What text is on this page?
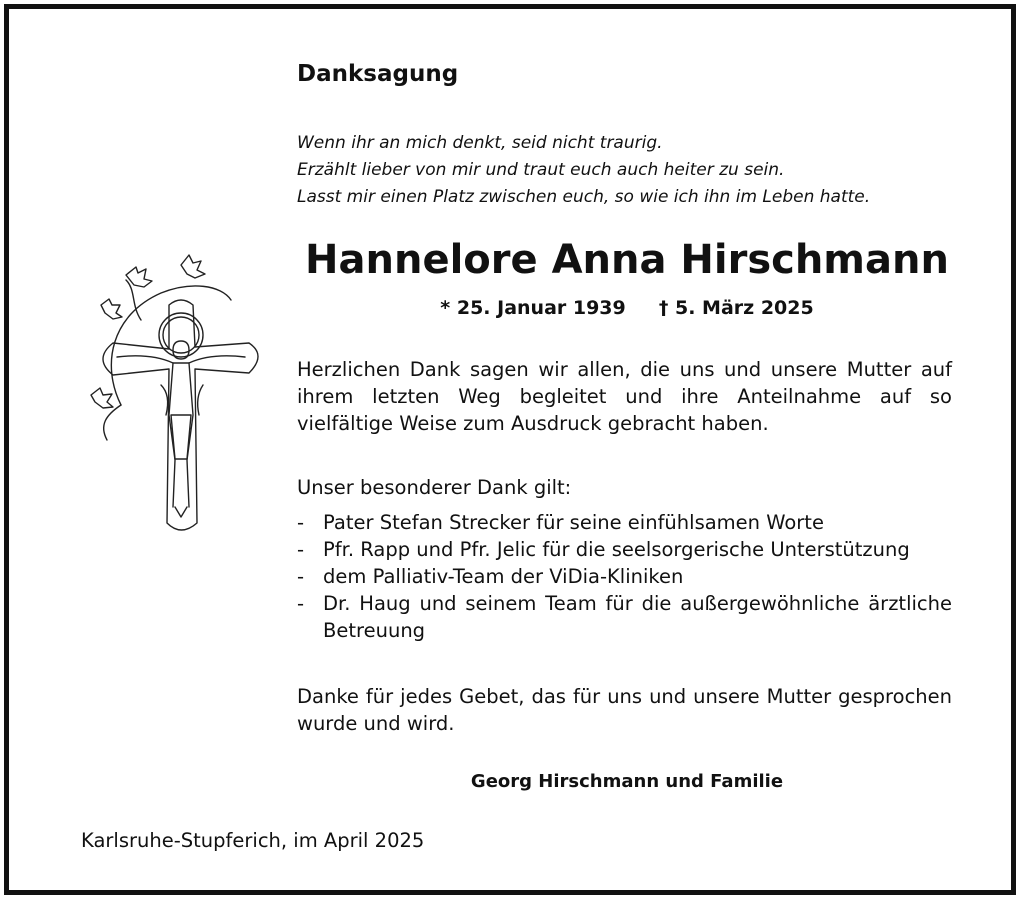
Danksagung
Wenn ihr an mich denkt, seid nicht traurig.
Erzählt lieber von mir und traut euch auch heiter zu sein.
Lasst mir einen Platz zwischen euch, so wie ich ihn im Leben hatte.
Hannelore Anna Hirschmann
* 25. Januar 1939 † 5. März 2025

Herzlichen Dank sagen wir allen, die uns und unsere Mutter auf ihrem letzten Weg begleitet und ihre Anteilnahme auf so vielfältige Weise zum Ausdruck gebracht haben.

Unser besonderer Dank gilt:

- Pater Stefan Strecker für seine einfühlsamen Worte
- Pfr. Rapp und Pfr. Jelic für die seelsorgerische Unterstützung
- dem Palliativ-Team der ViDia-Kliniken
- Dr. Haug und seinem Team für die außergewöhnliche ärztliche Betreuung

Danke für jedes Gebet, das für uns und unsere Mutter gesprochen wurde und wird.

Georg Hirschmann und Familie
Karlsruhe-Stupferich, im April 2025
